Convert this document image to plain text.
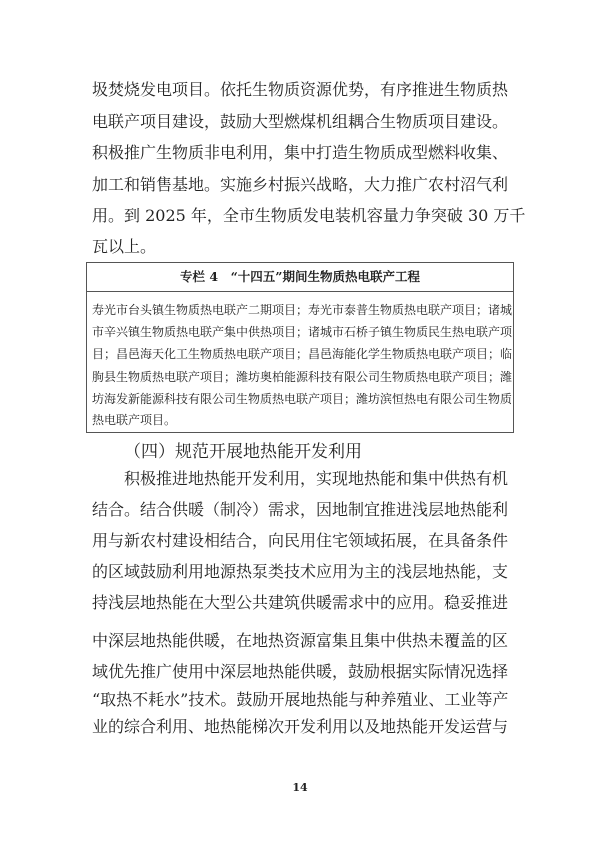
圾焚烧发电项目。依托生物质资源优势，有序推进生物质热
电联产项目建设，鼓励大型燃煤机组耦合生物质项目建设。
积极推广生物质非电利用，集中打造生物质成型燃料收集、
加工和销售基地。实施乡村振兴战略，大力推广农村沼气利
用。到 2025 年，全市生物质发电装机容量力争突破 30 万千
瓦以上。
专栏 4　“十四五”期间生物质热电联产工程
寿光市台头镇生物质热电联产二期项目；寿光市泰普生物质热电联产项目；诸城
市辛兴镇生物质热电联产集中供热项目；诸城市石桥子镇生物质民生热电联产项
目；昌邑海天化工生物质热电联产项目；昌邑海能化学生物质热电联产项目；临
朐县生物质热电联产项目；潍坊奥柏能源科技有限公司生物质热电联产项目；潍
坊海发新能源科技有限公司生物质热电联产项目；潍坊滨恒热电有限公司生物质
热电联产项目。
（四）规范开展地热能开发利用
　　积极推进地热能开发利用，实现地热能和集中供热有机
结合。结合供暖（制冷）需求，因地制宜推进浅层地热能利
用与新农村建设相结合，向民用住宅领域拓展，在具备条件
的区域鼓励利用地源热泵类技术应用为主的浅层地热能，支
持浅层地热能在大型公共建筑供暖需求中的应用。稳妥推进
中深层地热能供暖，在地热资源富集且集中供热未覆盖的区
域优先推广使用中深层地热能供暖，鼓励根据实际情况选择
“取热不耗水”技术。鼓励开展地热能与种养殖业、工业等产
业的综合利用、地热能梯次开发利用以及地热能开发运营与
14
